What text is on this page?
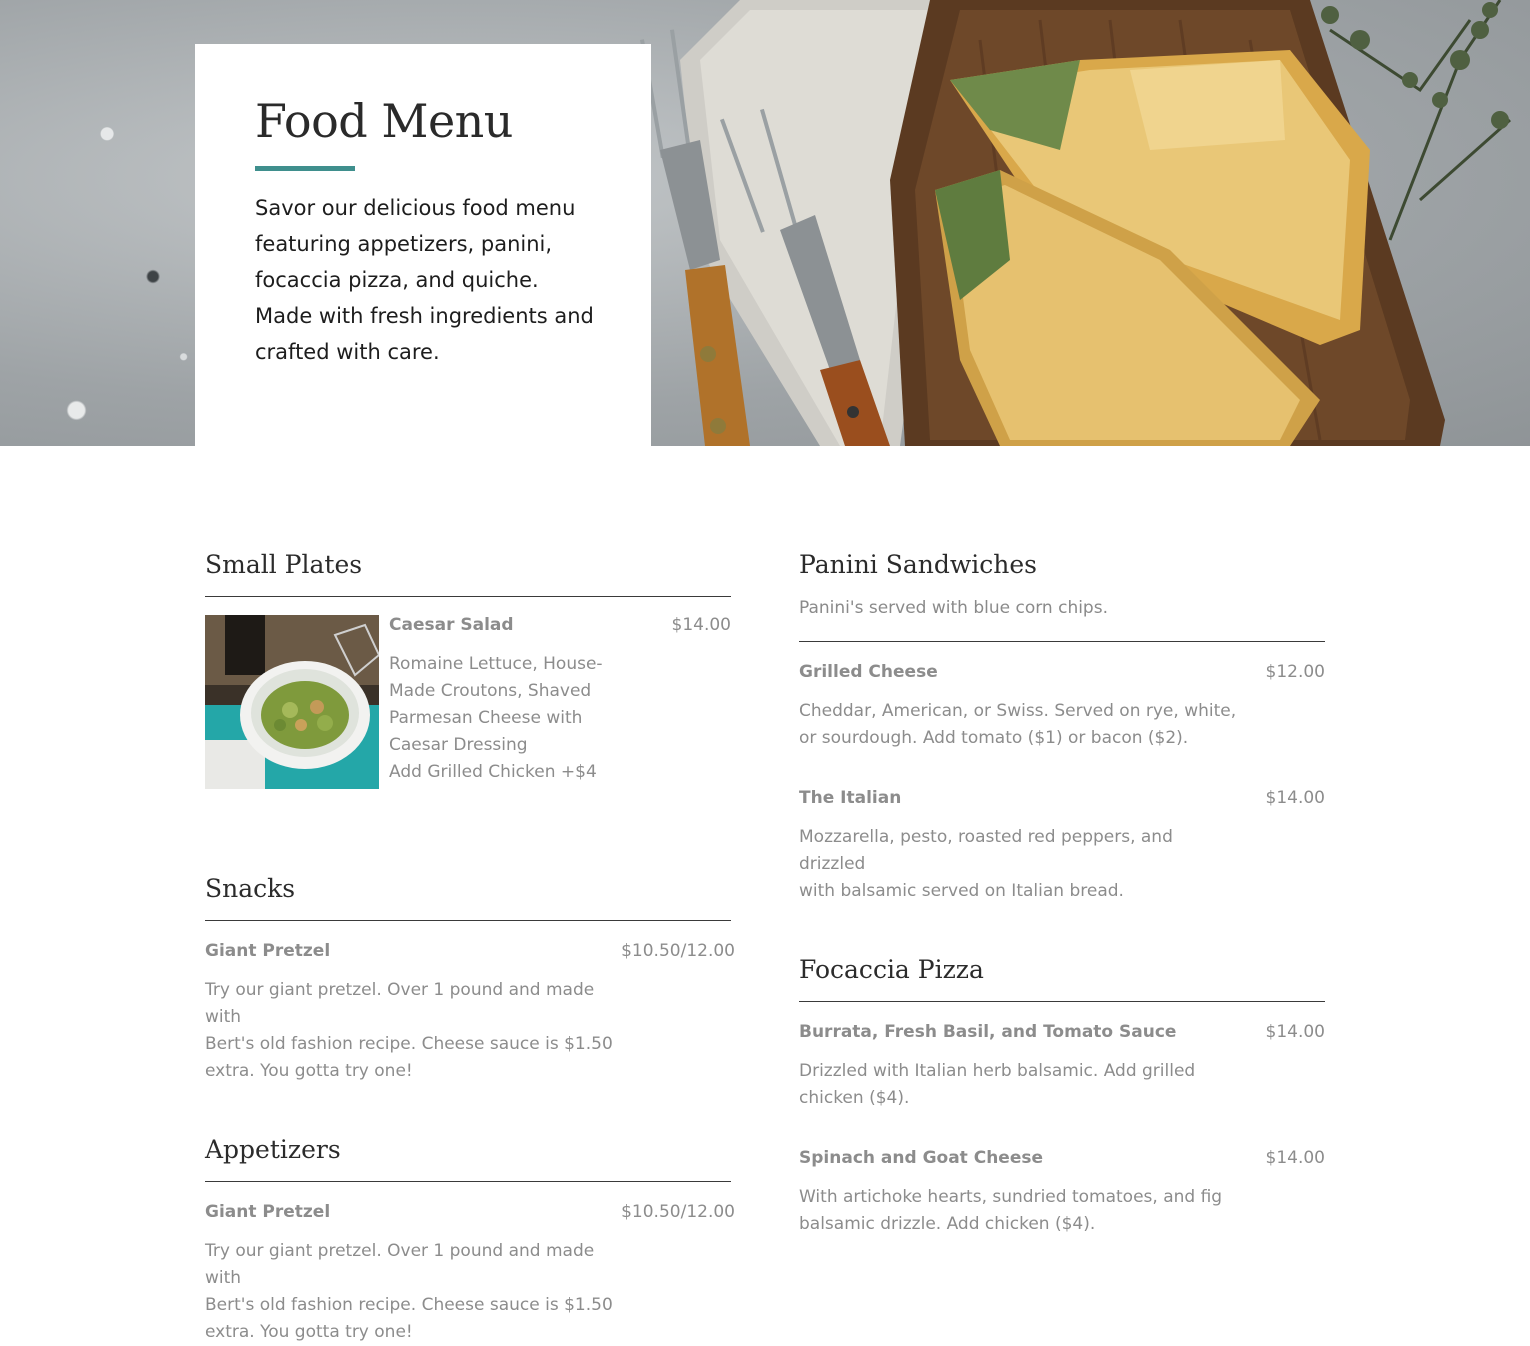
Food Menu

Savor our delicious food menu featuring appetizers, panini, focaccia pizza, and quiche. Made with fresh ingredients and crafted with care.

Small Plates

Caesar Salad	$14.00

Romaine Lettuce, House-
Made Croutons, Shaved
Parmesan Cheese with
Caesar Dressing
Add Grilled Chicken +$4

Snacks

Giant Pretzel	$10.50/12.00

Try our giant pretzel. Over 1 pound and made with
Bert's old fashion recipe. Cheese sauce is $1.50
extra. You gotta try one!

Appetizers

Giant Pretzel	$10.50/12.00

Try our giant pretzel. Over 1 pound and made with
Bert's old fashion recipe. Cheese sauce is $1.50
extra. You gotta try one!

Panini Sandwiches

Panini's served with blue corn chips.

Grilled Cheese	$12.00

Cheddar, American, or Swiss. Served on rye, white,
or sourdough. Add tomato ($1) or bacon ($2).

The Italian	$14.00

Mozzarella, pesto, roasted red peppers, and drizzled
with balsamic served on Italian bread.

Focaccia Pizza

Burrata, Fresh Basil, and Tomato Sauce	$14.00

Drizzled with Italian herb balsamic. Add grilled
chicken ($4).

Spinach and Goat Cheese	$14.00

With artichoke hearts, sundried tomatoes, and fig
balsamic drizzle. Add chicken ($4).
